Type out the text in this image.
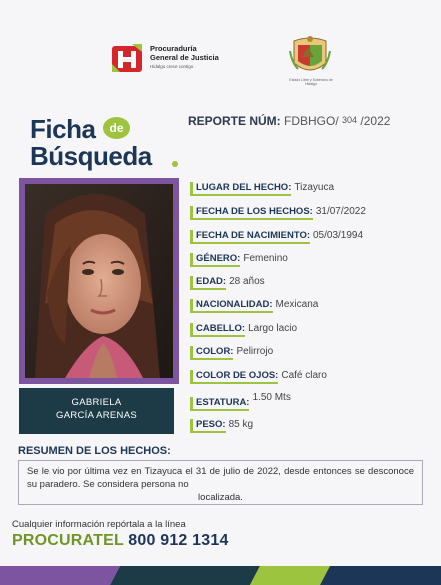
Procuraduría
General de Justicia
Hidalgo crece contigo
Estado Libre y Soberano de Hidalgo
Ficha	de
Búsqueda
REPORTE NÚM: FDBHGO/ 304 /2022
GABRIELA
GARCÍA ARENAS
LUGAR DEL HECHO: Tizayuca
FECHA DE LOS HECHOS: 31/07/2022
FECHA DE NACIMIENTO: 05/03/1994
GÉNERO: Femenino
EDAD: 28 años
NACIONALIDAD: Mexicana
CABELLO: Largo lacio
COLOR: Pelirrojo
COLOR DE OJOS: Café claro
ESTATURA: 1.50 Mts
PESO: 85 kg
RESUMEN DE LOS HECHOS:
Se le vio por última vez en Tizayuca el 31 de julio de 2022, desde entonces se desconoce su paradero. Se considera persona no
localizada.
Cualquier información repórtala a la línea
PROCURATEL 800 912 1314
